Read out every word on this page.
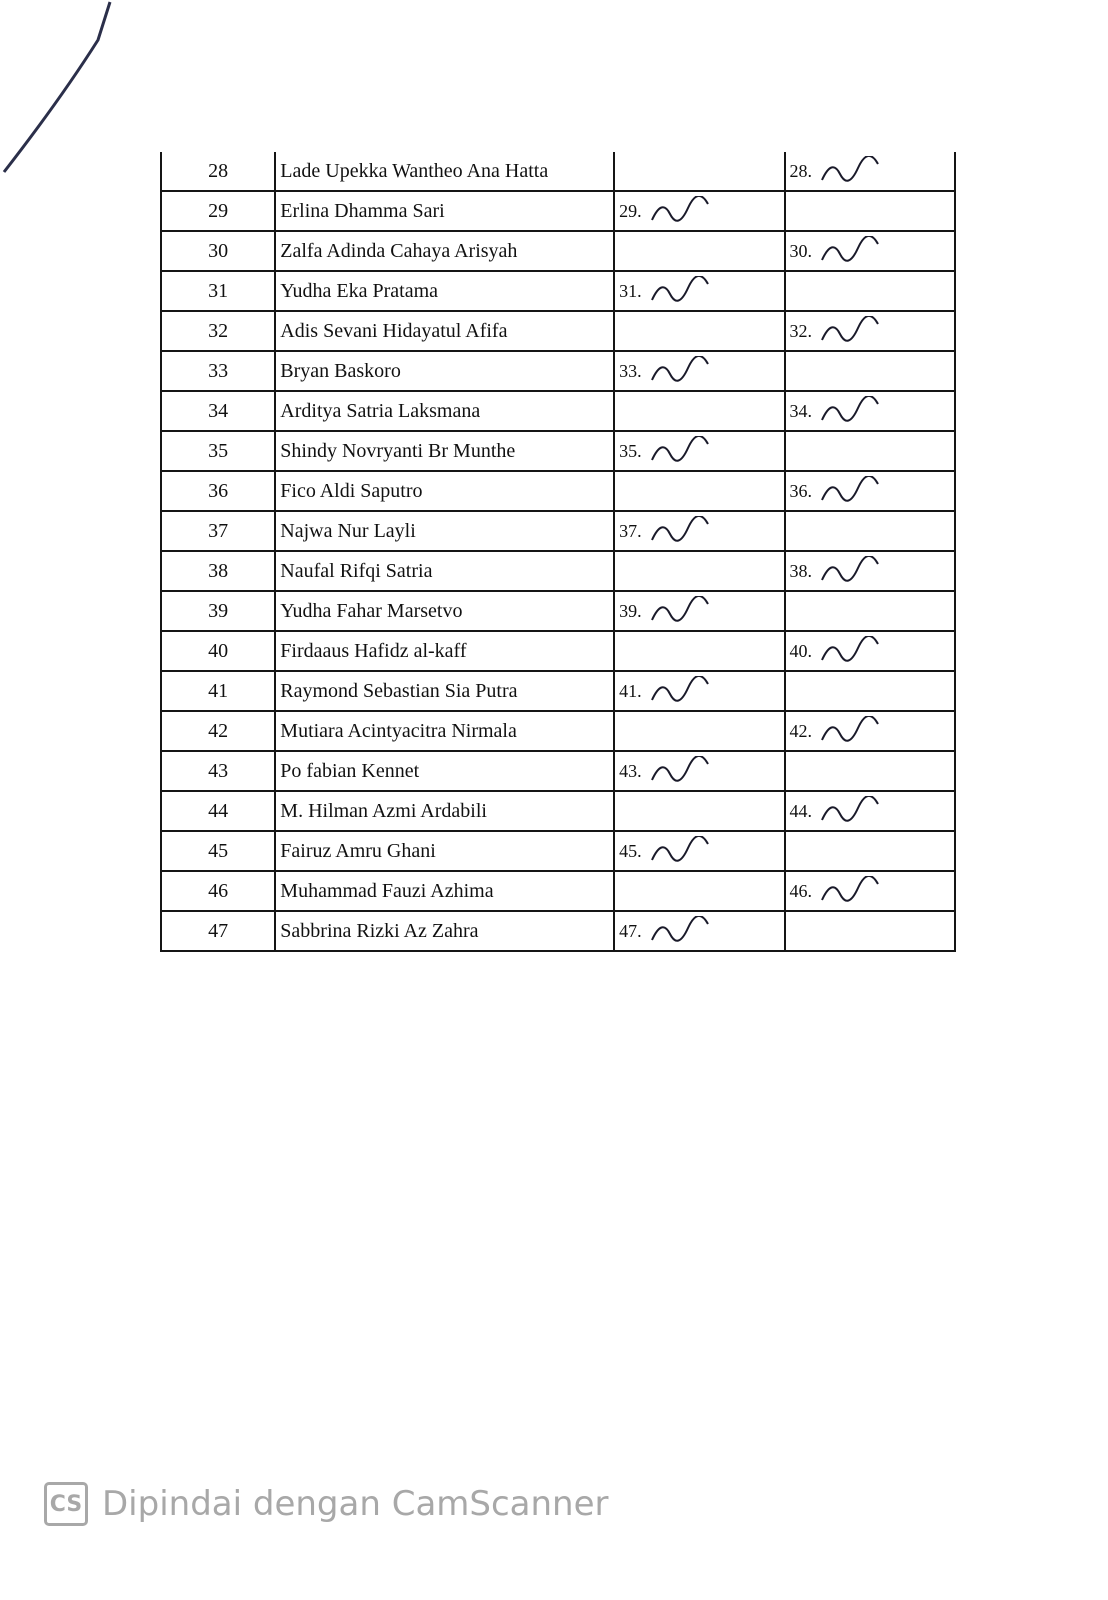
28	Lade Upekka Wantheo Ana Hatta		28.
29	Erlina Dhamma Sari	29.	
30	Zalfa Adinda Cahaya Arisyah		30.
31	Yudha Eka Pratama	31.	
32	Adis Sevani Hidayatul Afifa		32.
33	Bryan Baskoro	33.	
34	Arditya Satria Laksmana		34.
35	Shindy Novryanti Br Munthe	35.	
36	Fico Aldi Saputro		36.
37	Najwa Nur Layli	37.	
38	Naufal Rifqi Satria		38.
39	Yudha Fahar Marsetvo	39.	
40	Firdaaus Hafidz al-kaff		40.
41	Raymond Sebastian Sia Putra	41.	
42	Mutiara Acintyacitra Nirmala		42.
43	Po fabian Kennet	43.	
44	M. Hilman Azmi Ardabili		44.
45	Fairuz Amru Ghani	45.	
46	Muhammad Fauzi Azhima		46.
47	Sabbrina Rizki Az Zahra	47.	
CS Dipindai dengan CamScanner
